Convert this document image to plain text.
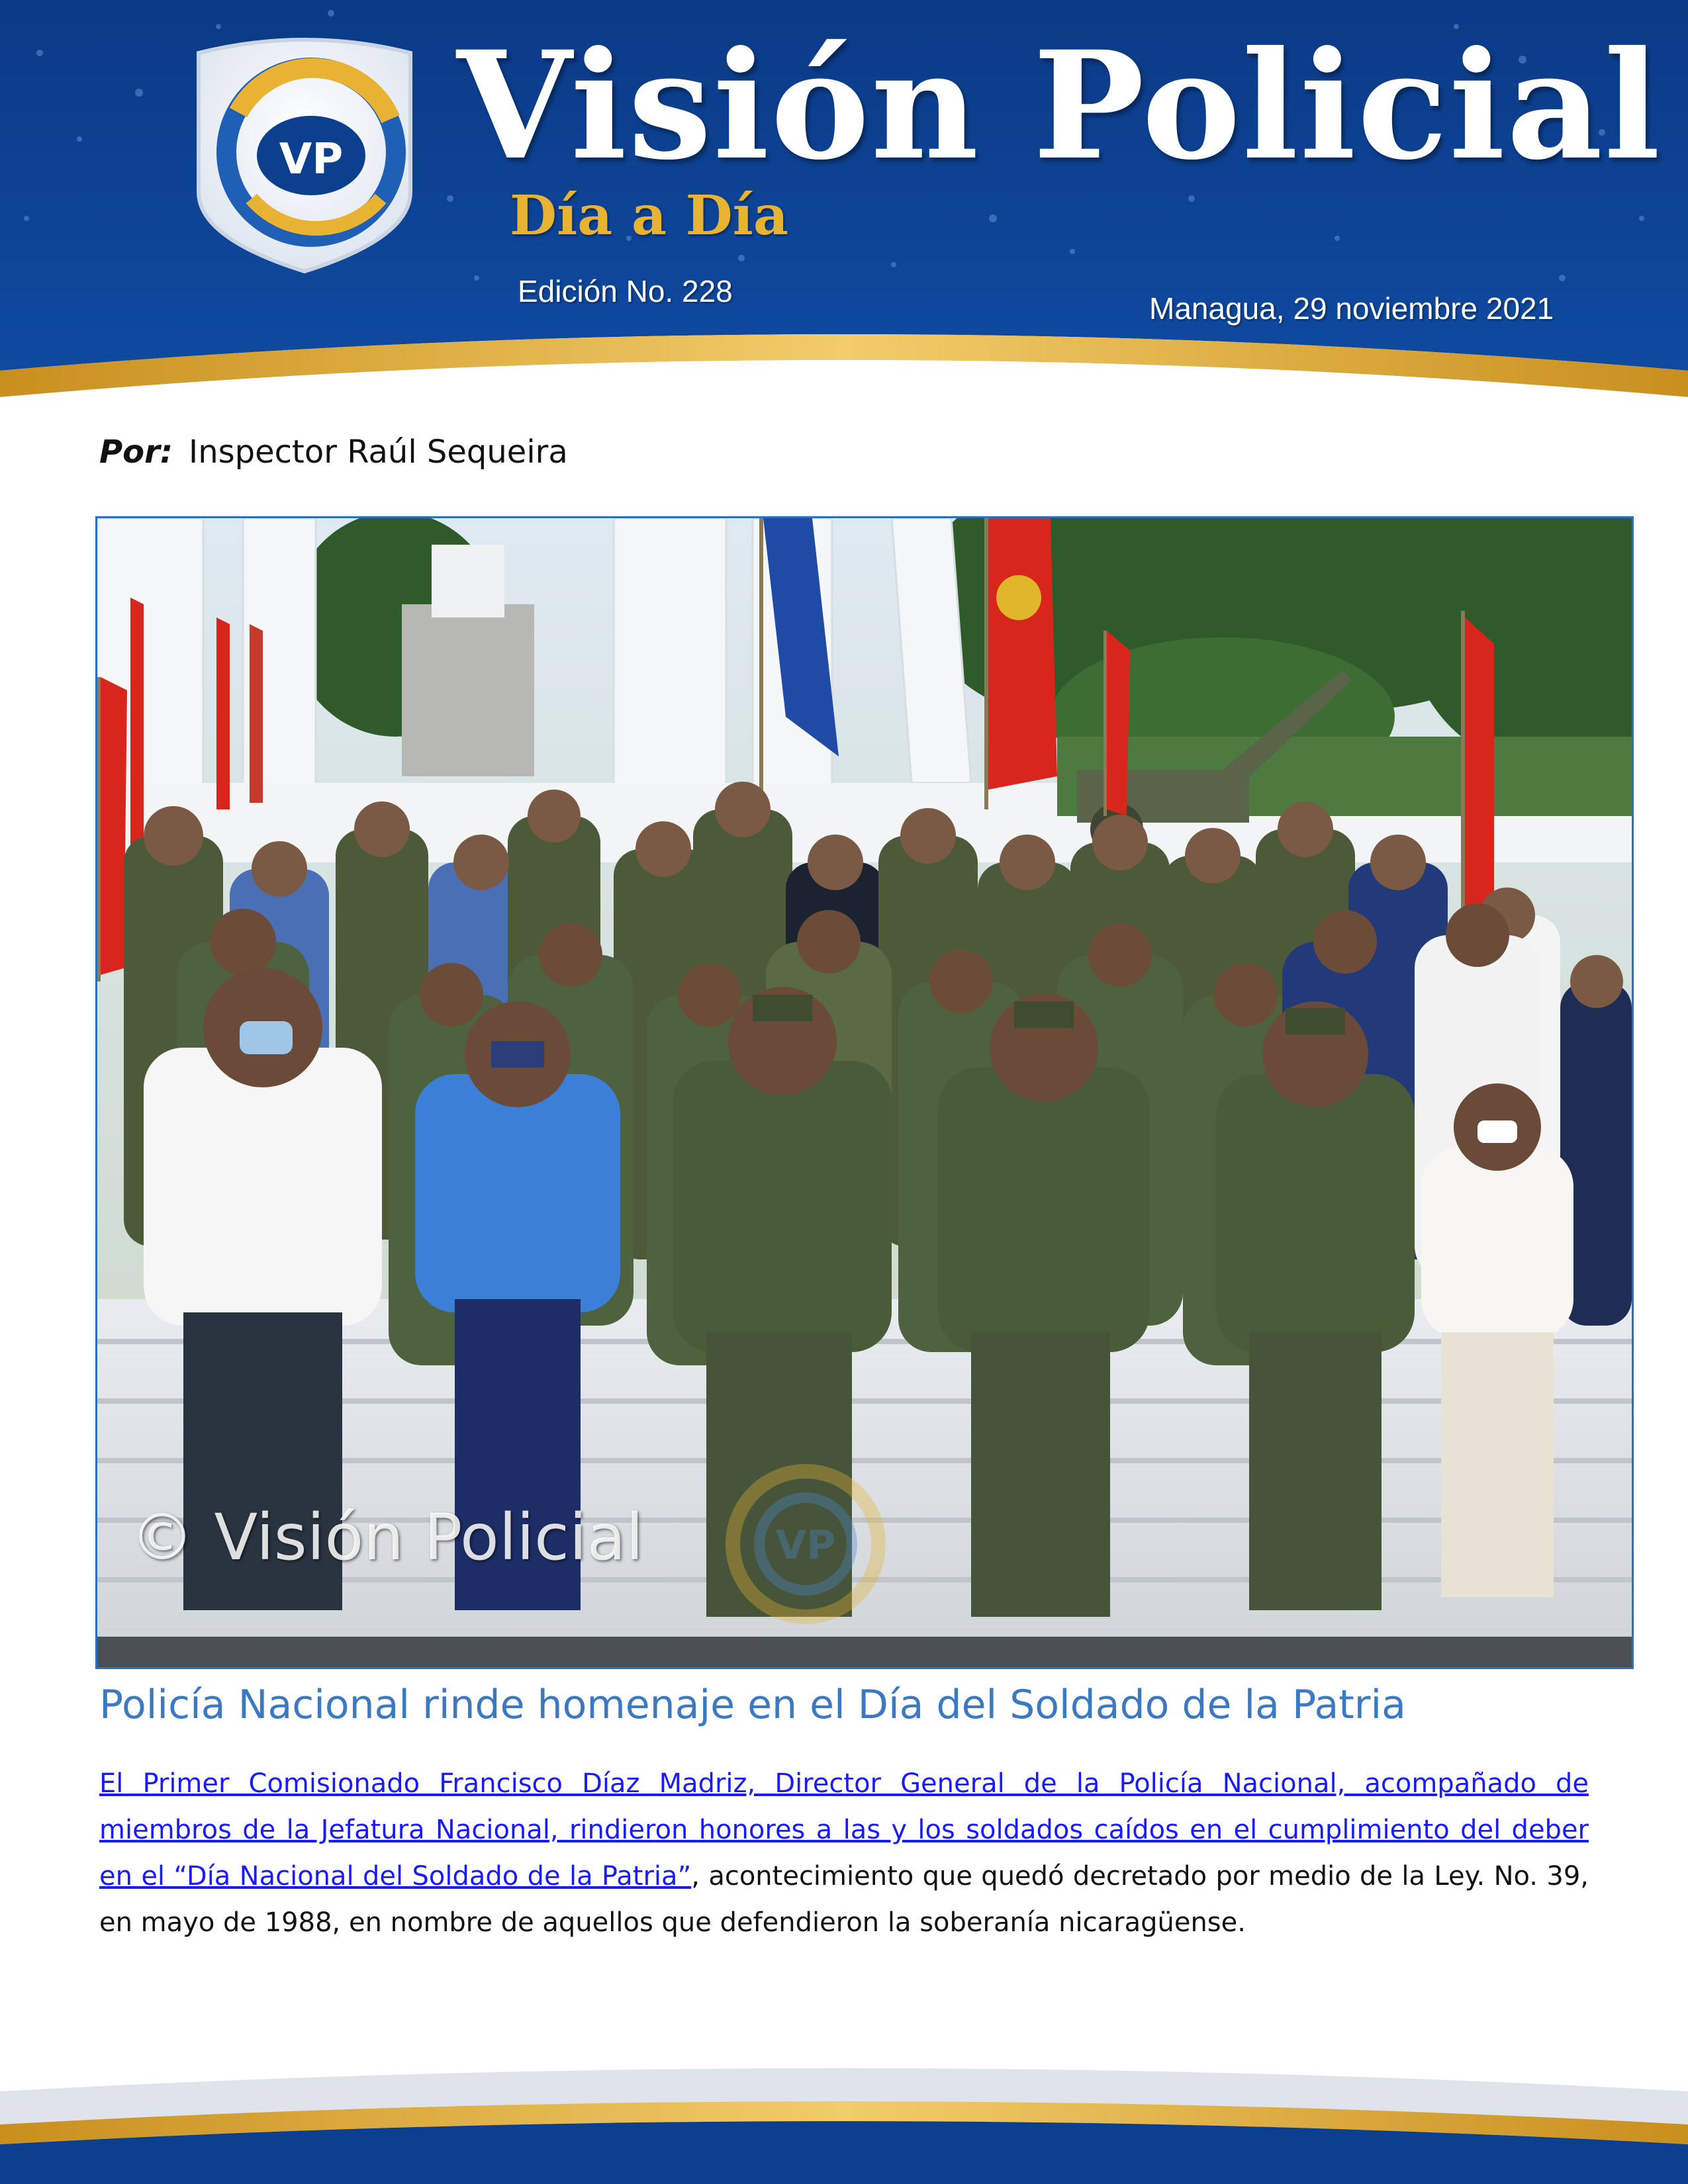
VP Visión Policial
Día a Día
Edición No. 228	Managua, 29 noviembre 2021
Por: Inspector Raúl Sequeira
VP
© Visión Policial
Policía Nacional rinde homenaje en el Día del Soldado de la Patria

El Primer Comisionado Francisco Díaz Madriz, Director General de la Policía Nacional, acompañado de miembros de la Jefatura Nacional, rindieron honores a las y los soldados caídos en el cumplimiento del deber en el “Día Nacional del Soldado de la Patria”, acontecimiento que quedó decretado por medio de la Ley. No. 39, en mayo de 1988, en nombre de aquellos que defendieron la soberanía nicaragüense.
